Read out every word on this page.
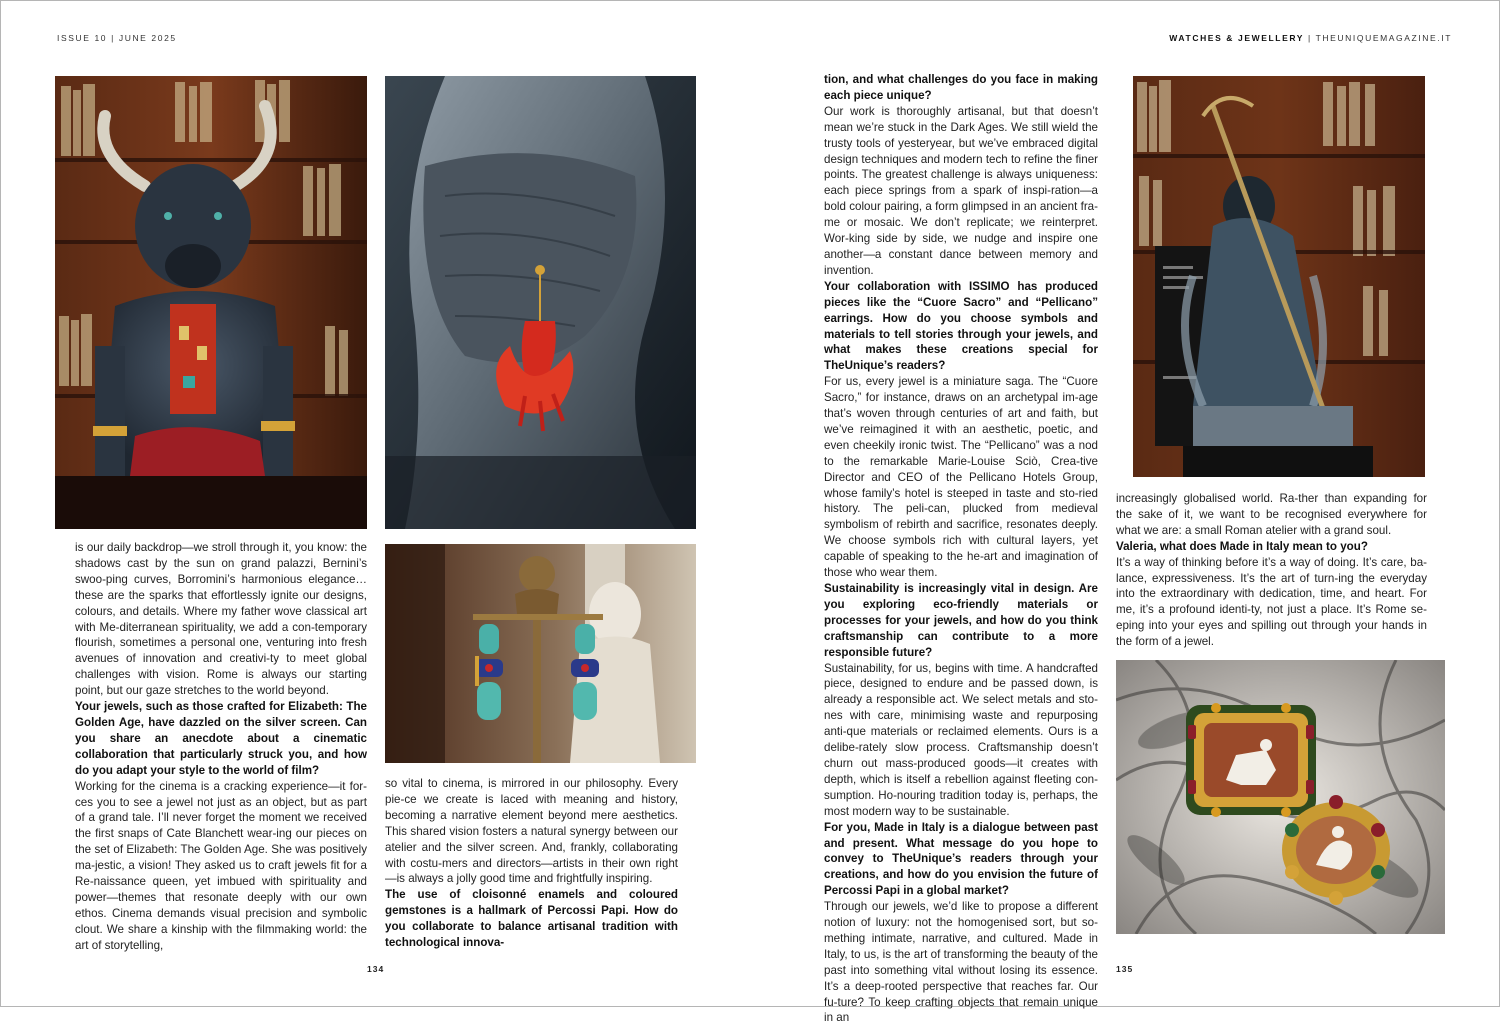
ISSUE 10 | JUNE 2025	WATCHES & JEWELLERY | THEUNIQUEMAGAZINE.IT

is our daily backdrop—we stroll through it, you know: the shadows cast by the sun on grand palazzi, Bernini’s swoo-ping curves, Borromini’s harmonious elegance… these are the sparks that effortlessly ignite our designs, colours, and details. Where my father wove classical art with Me-diterranean spirituality, we add a con-temporary flourish, sometimes a personal one, venturing into fresh avenues of innovation and creativi-ty to meet global challenges with vision. Rome is always our starting point, but our gaze stretches to the world beyond.

Your jewels, such as those crafted for Elizabeth: The Golden Age, have dazzled on the silver screen. Can you share an anecdote about a cinematic collaboration that particularly struck you, and how do you adapt your style to the world of film?

Working for the cinema is a cracking experience—it for-ces you to see a jewel not just as an object, but as part of a grand tale. I’ll never forget the moment we received the first snaps of Cate Blanchett wear-ing our pieces on the set of Elizabeth: The Golden Age. She was positively ma-jestic, a vision! They asked us to craft jewels fit for a Re-naissance queen, yet imbued with spirituality and power—themes that resonate deeply with our own ethos. Cinema demands visual precision and symbolic clout. We share a kinship with the filmmaking world: the art of storytelling,

so vital to cinema, is mirrored in our philosophy. Every pie-ce we create is laced with meaning and history, becoming a narrative element beyond mere aesthetics. This shared vision fosters a natural synergy between our atelier and the silver screen. And, frankly, collaborating with costu-mers and directors—artists in their own right—is always a jolly good time and frightfully inspiring.

The use of cloisonné enamels and coloured gemstones is a hallmark of Percossi Papi. How do you collaborate to balance artisanal tradition with technological innova-

tion, and what challenges do you face in making each piece unique?

Our work is thoroughly artisanal, but that doesn’t mean we’re stuck in the Dark Ages. We still wield the trusty tools of yesteryear, but we’ve embraced digital design techniques and modern tech to refine the finer points. The greatest challenge is always uniqueness: each piece springs from a spark of inspi-ration—a bold colour pairing, a form glimpsed in an ancient fra-me or mosaic. We don’t replicate; we reinterpret. Wor-king side by side, we nudge and inspire one another—a constant dance between memory and invention.

Your collaboration with ISSIMO has produced pieces like the “Cuore Sacro” and “Pellicano” earrings. How do you choose symbols and materials to tell stories through your jewels, and what makes these creations special for TheUnique’s readers?

For us, every jewel is a miniature saga. The “Cuore Sacro,” for instance, draws on an archetypal im-age that’s woven through centuries of art and faith, but we’ve reimagined it with an aesthetic, poetic, and even cheekily ironic twist. The “Pellicano” was a nod to the remarkable Marie-Louise Sciò, Crea-tive Director and CEO of the Pellicano Hotels Group, whose family’s hotel is steeped in taste and sto-ried history. The peli-can, plucked from medieval symbolism of rebirth and sacrifice, resonates deeply. We choose symbols rich with cultural layers, yet capable of speaking to the he-art and imagination of those who wear them.

Sustainability is increasingly vital in design. Are you exploring eco-friendly materials or processes for your jewels, and how do you think craftsmanship can contribute to a more responsible future?

Sustainability, for us, begins with time. A handcrafted piece, designed to endure and be passed down, is already a responsible act. We select metals and sto-nes with care, minimising waste and repurposing anti-que materials or reclaimed elements. Ours is a delibe-rately slow process. Craftsmanship doesn’t churn out mass-produced goods—it creates with depth, which is itself a rebellion against fleeting con-sumption. Ho-nouring tradition today is, perhaps, the most modern way to be sustainable.

For you, Made in Italy is a dialogue between past and present. What message do you hope to convey to TheUnique’s readers through your creations, and how do you envision the future of Percossi Papi in a global market?

Through our jewels, we’d like to propose a different notion of luxury: not the homogenised sort, but so-mething intimate, narrative, and cultured. Made in Italy, to us, is the art of transforming the beauty of the past into something vital without losing its essence. It’s a deep-rooted perspective that reaches far. Our fu-ture? To keep crafting objects that remain unique in an

increasingly globalised world. Ra-ther than expanding for the sake of it, we want to be recognised everywhere for what we are: a small Roman atelier with a grand soul.

Valeria, what does Made in Italy mean to you?

It’s a way of thinking before it’s a way of doing. It’s care, ba-lance, expressiveness. It’s the art of turn-ing the everyday into the extraordinary with dedication, time, and heart. For me, it’s a profound identi-ty, not just a place. It’s Rome se-eping into your eyes and spilling out through your hands in the form of a jewel.

134	135
